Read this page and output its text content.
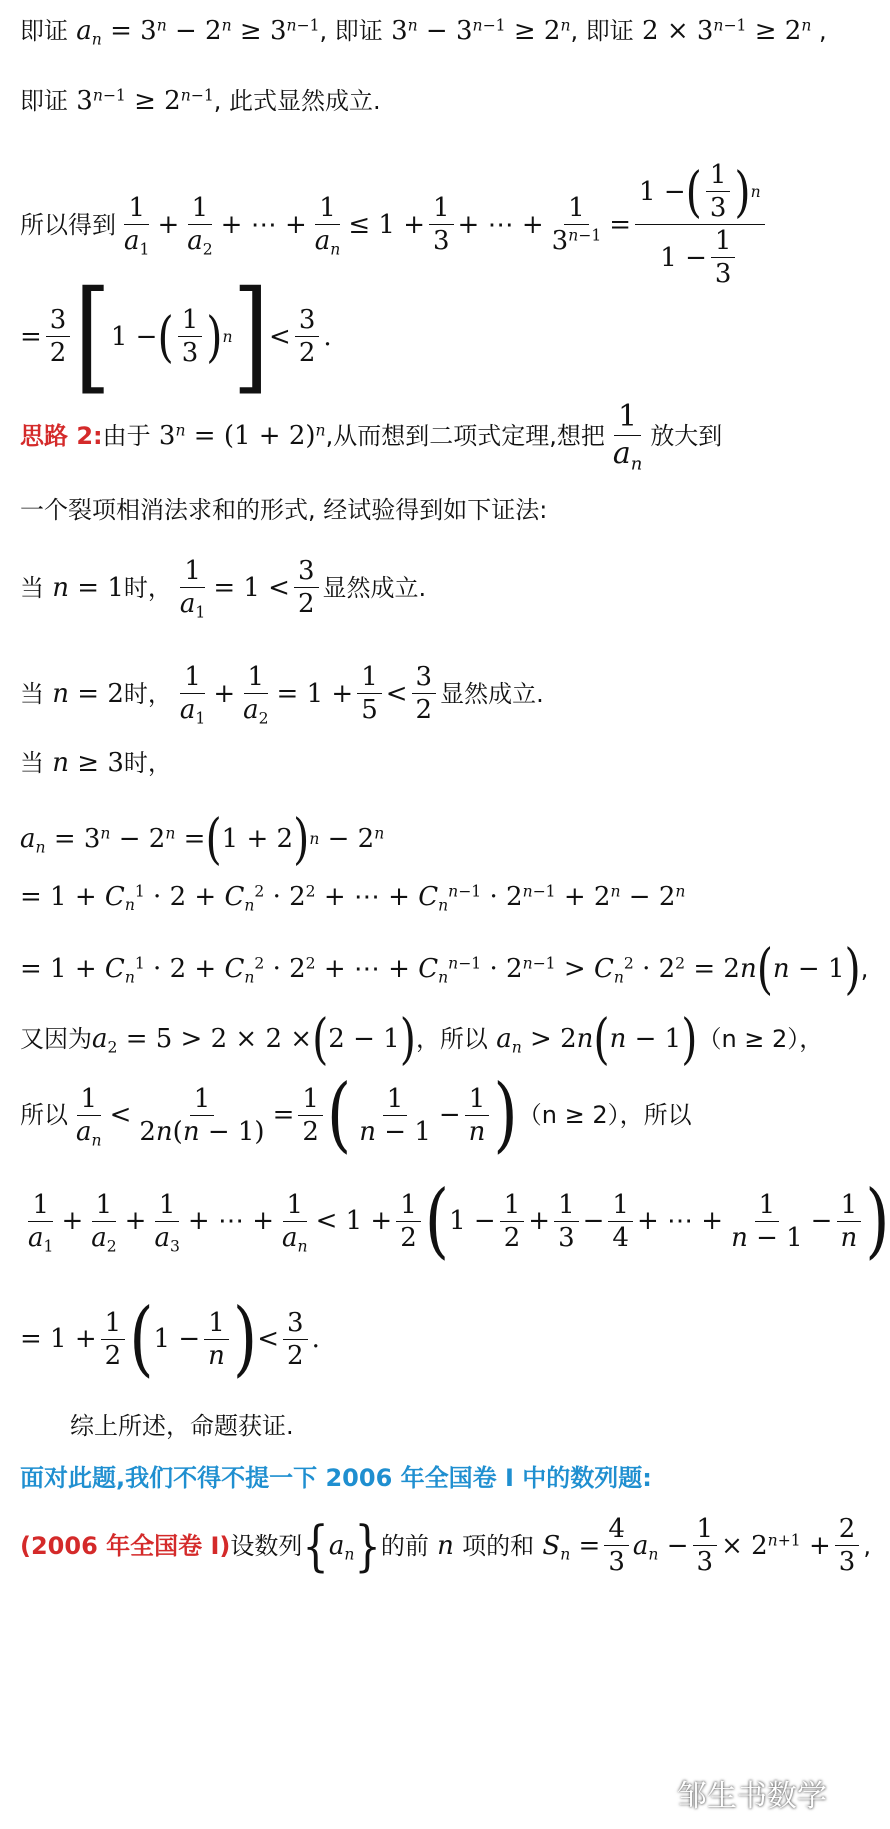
即证 $a_n = 3^n - 2^n \ge 3^{n-1}$ , 即证 $3^n - 3^{n-1} \ge 2^n$ , 即证 $2 \times 3^{n-1} \ge 2^n$ ,
即证 $3^{n-1} \ge 2^{n-1}$ , 此式显然成立.
所以得到 $\frac{1}{a_1} + \frac{1}{a_2}$ + ⋯ + $\frac{1}{a_n} \le 1 + \frac{1}{3}$ + ⋯ + $\frac{1}{3^{n-1}} = \frac{1 - ( \frac{1}{3} ) n}{1 - \frac{1}{3}}$
= $\frac{3}{2}$ [ 1 − ( $\frac{1}{3}$ ) n ] < $\frac{3}{2}$ .
思路 2: 由于 $3^n = (1 + 2)^n$ ,从而想到二项式定理,想把 $\frac{1}{a_n}$ 放大到
一个裂项相消法求和的形式, 经试验得到如下证法:
当 n = 1 时， $\frac{1}{a_1} = 1 < \frac{3}{2}$ 显然成立.
当 n = 2 时， $\frac{1}{a_1} + \frac{1}{a_2} = 1 + \frac{1}{5} < \frac{3}{2}$ 显然成立.
当 n ≥ 3 时，
$a_n = 3^n - 2^n$ = ( 1 + 2 ) $n - 2^n$
= $1 + C_n^1 \cdot 2 + C_n^2 \cdot 2^2$ + ⋯ + $C_n^{n-1} \cdot 2^{n-1} + 2^n - 2^n$
= $1 + C_n^1 \cdot 2 + C_n^2 \cdot 2^2$ + ⋯ + $C_n^{n-1} \cdot 2^{n-1} > C_n^2 \cdot 2^2 = 2n$ ( n − 1 ) ,
又因为 $a_2 = 5 > 2 \times 2$ × ( 2 − 1 ) ，所以 $a_n > 2n$ ( n − 1 ) （n ≥ 2），
所以 $\frac{1}{a_n} < \frac{1}{2n(n - 1)} = \frac{1}{2}$ ( $\frac{1}{n - 1} - \frac{1}{n}$ ) （n ≥ 2），所以
$\frac{1}{a_1} + \frac{1}{a_2} + \frac{1}{a_3}$ + ⋯ + $\frac{1}{a_n} < 1 + \frac{1}{2}$ ( $1 - \frac{1}{2} + \frac{1}{3} - \frac{1}{4}$ + ⋯ + $\frac{1}{n - 1} - \frac{1}{n}$ )
= $1 + \frac{1}{2}$ ( $1 - \frac{1}{n}$ ) < $\frac{3}{2}$ .
综上所述，命题获证.
面对此题,我们不得不提一下 2006 年全国卷 I 中的数列题:
(2006 年全国卷 I) 设数列 { $a_n$ } 的前 n 项的和 $S_n = \frac{4}{3} a_n - \frac{1}{3} \times 2^{n+1} + \frac{2}{3}$ ,
邹生书数学
